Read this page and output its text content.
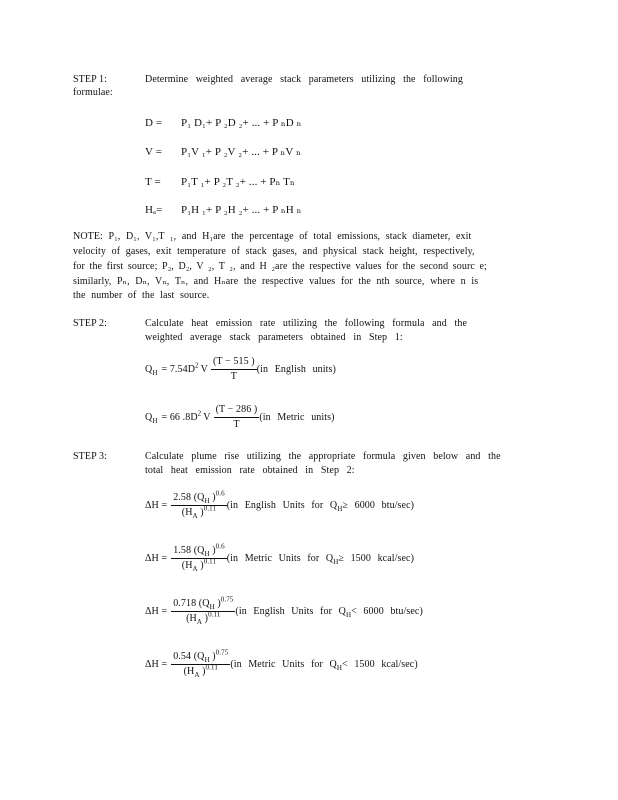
STEP 1:	Determine weighted average stack parameters utilizing the following
formulae:
D = P₁ D₁+ P ₂D ₂+ ... + P ₙD ₙ
V = P₁V ₁+ P ₂V ₂+ ... + P ₙV ₙ
T = P₁T ₁+ P ₂T ₂+ ... + Pₙ Tₙ
Hₐ= P₁H ₁+ P ₂H ₂+ ... + P ₙH ₙ
NOTE: P₁, D₁, V₁,T ₁, and H₁are the percentage of total emissions, stack diameter, exit
velocity of gases, exit temperature of stack gases, and physical stack height, respectively,
for the first source; P₂, D₂, V ₂, T ₂, and H ₂are the respective values for the second sourc e;
similarly, Pₙ, Dₙ, Vₙ, Tₙ, and Hₙare the respective values for the nth source, where n is
the number of the last source.
STEP 2:	Calculate heat emission rate utilizing the following formula and the
weighted average stack parameters obtained in Step 1:
$Q_H = 7.54D^2$ V $\frac{(T - 515 )}{T} (in$ English units)
$Q_H = 66$ $.8D^2$ V $\frac{(T - 286 )}{T} (in$ Metric units)
STEP 3:	Calculate plume rise utilizing the appropriate formula given below and the
total heat emission rate obtained in Step 2:
$\Delta H = \frac{2.58 (Q_H )^{0.6}}{(H_A )^{0.11}} (in$ English Units for $Q_H\ge 6000$ btu/sec)
$\Delta H = \frac{1.58 (Q_H )^{0.6}}{(H_A )^{0.11}} (in$ Metric Units for $Q_H\ge 1500$ kcal/sec)
$\Delta H = \frac{0.718 (Q_H )^{0.75}}{(H_A )^{0.11}} (in$ English Units for $Q_H< 6000$ btu/sec)
$\Delta H = \frac{0.54 (Q_H )^{0.75}}{(H_A )^{0.11}} (in$ Metric Units for $Q_H< 1500$ kcal/sec)
